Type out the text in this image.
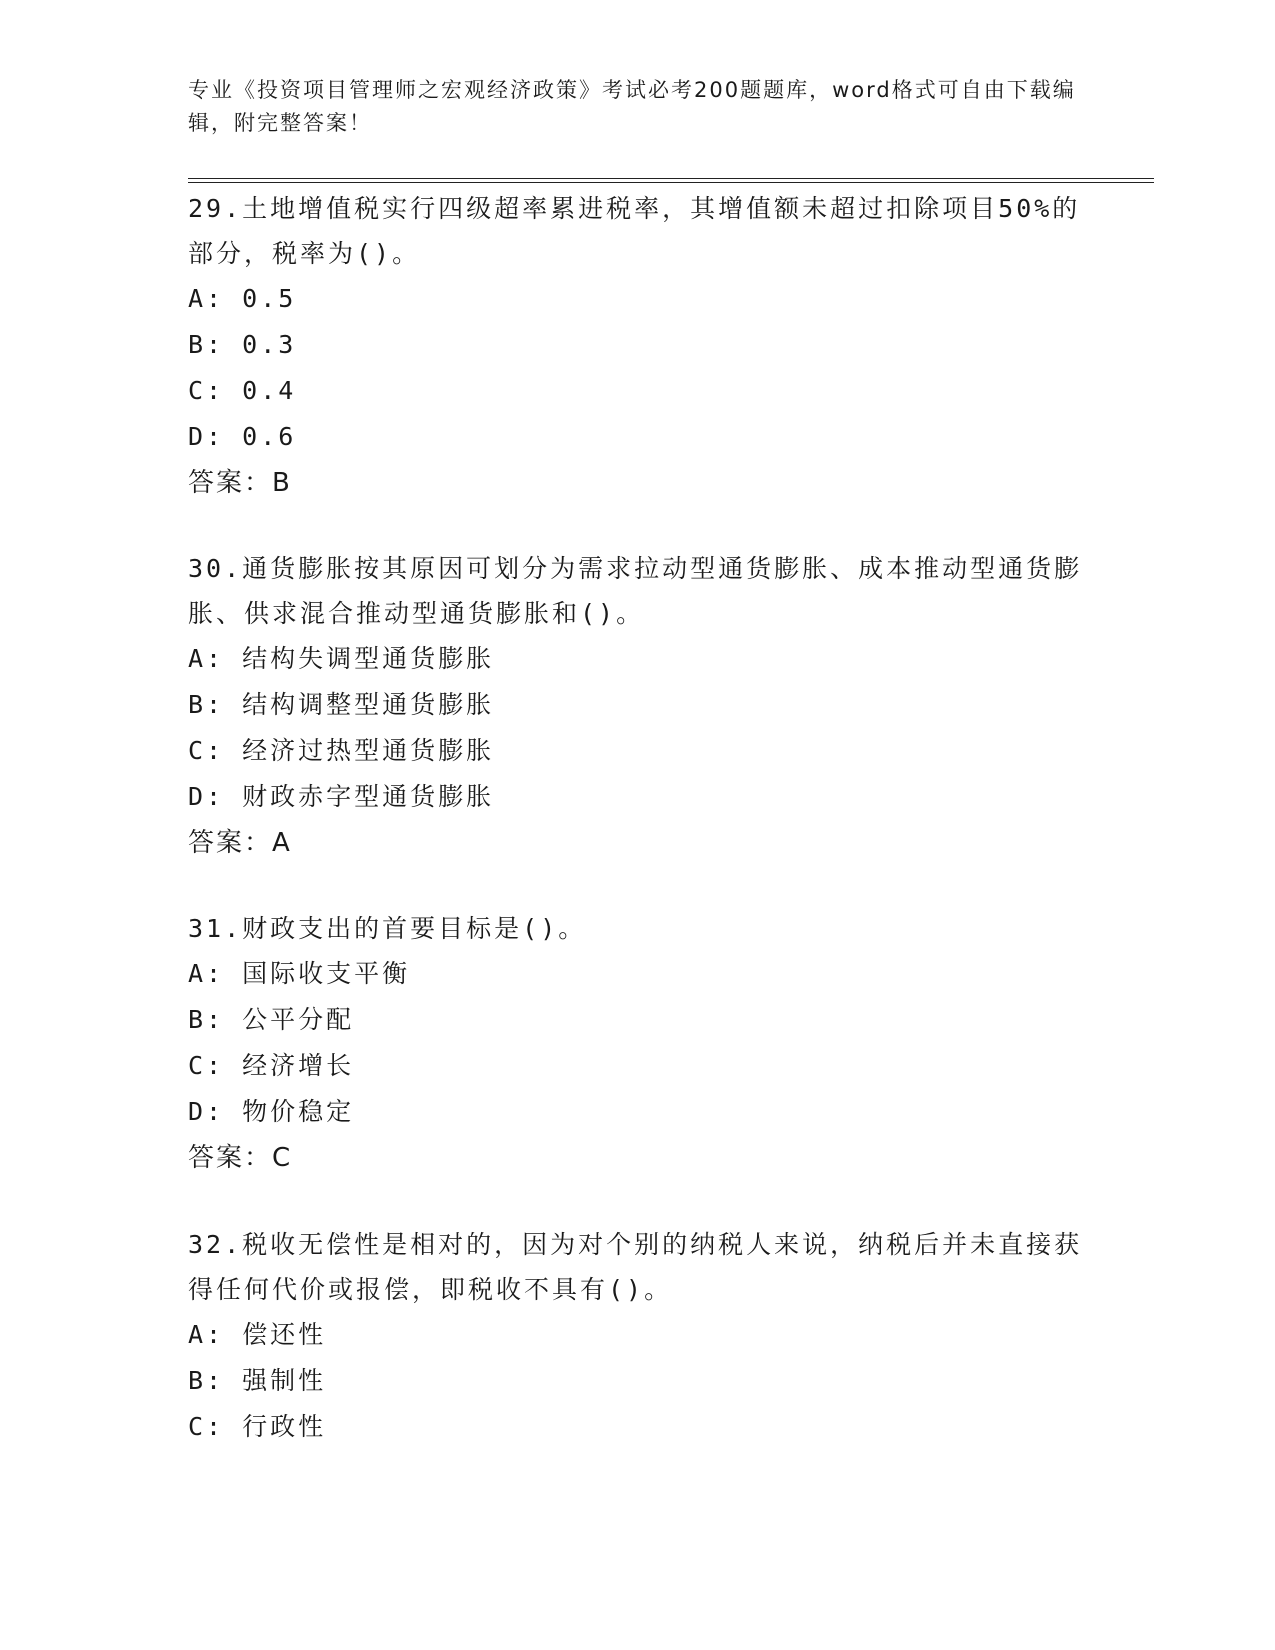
专业《投资项目管理师之宏观经济政策》考试必考200题题库，word格式可自由下载编辑，附完整答案！

29.土地增值税实行四级超率累进税率，其增值额未超过扣除项目50%的部分，税率为()。

A: 0.5

B: 0.3

C: 0.4

D: 0.6

答案：B

30.通货膨胀按其原因可划分为需求拉动型通货膨胀、成本推动型通货膨胀、供求混合推动型通货膨胀和()。

A: 结构失调型通货膨胀

B: 结构调整型通货膨胀

C: 经济过热型通货膨胀

D: 财政赤字型通货膨胀

答案：A

31.财政支出的首要目标是()。

A: 国际收支平衡

B: 公平分配

C: 经济增长

D: 物价稳定

答案：C

32.税收无偿性是相对的，因为对个别的纳税人来说，纳税后并未直接获得任何代价或报偿，即税收不具有()。

A: 偿还性

B: 强制性

C: 行政性
